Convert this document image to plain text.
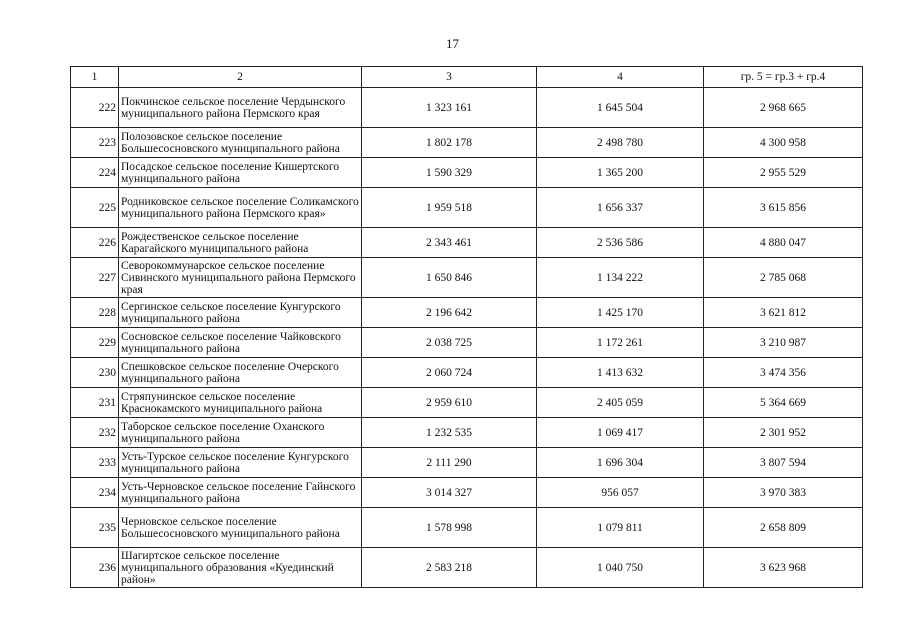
17
1	2	3	4	гр. 5 = гр.3 + гр.4
222	Покчинское сельское поселение Чердынского муниципального района Пермского края	1 323 161	1 645 504	2 968 665
223	Полозовское сельское поселение Большесосновского муниципального района	1 802 178	2 498 780	4 300 958
224	Посадское сельское поселение Кишертского муниципального района	1 590 329	1 365 200	2 955 529
225	Родниковское сельское поселение Соликамского муниципального района Пермского края»	1 959 518	1 656 337	3 615 856
226	Рождественское сельское поселение Карагайского муниципального района	2 343 461	2 536 586	4 880 047
227	Севорокоммунарское сельское поселение Сивинского муниципального района Пермского края	1 650 846	1 134 222	2 785 068
228	Сергинское сельское поселение Кунгурского муниципального района	2 196 642	1 425 170	3 621 812
229	Сосновское сельское поселение Чайковского муниципального района	2 038 725	1 172 261	3 210 987
230	Спешковское сельское поселение Очерского муниципального района	2 060 724	1 413 632	3 474 356
231	Стряпунинское сельское поселение Краснокамского муниципального района	2 959 610	2 405 059	5 364 669
232	Таборское сельское поселение Оханского муниципального района	1 232 535	1 069 417	2 301 952
233	Усть-Турское сельское поселение Кунгурского муниципального района	2 111 290	1 696 304	3 807 594
234	Усть-Черновское сельское поселение Гайнского муниципального района	3 014 327	956 057	3 970 383
235	Черновское сельское поселение Большесосновского муниципального района	1 578 998	1 079 811	2 658 809
236	Шагиртское сельское поселение муниципального образования «Куединский район»	2 583 218	1 040 750	3 623 968
